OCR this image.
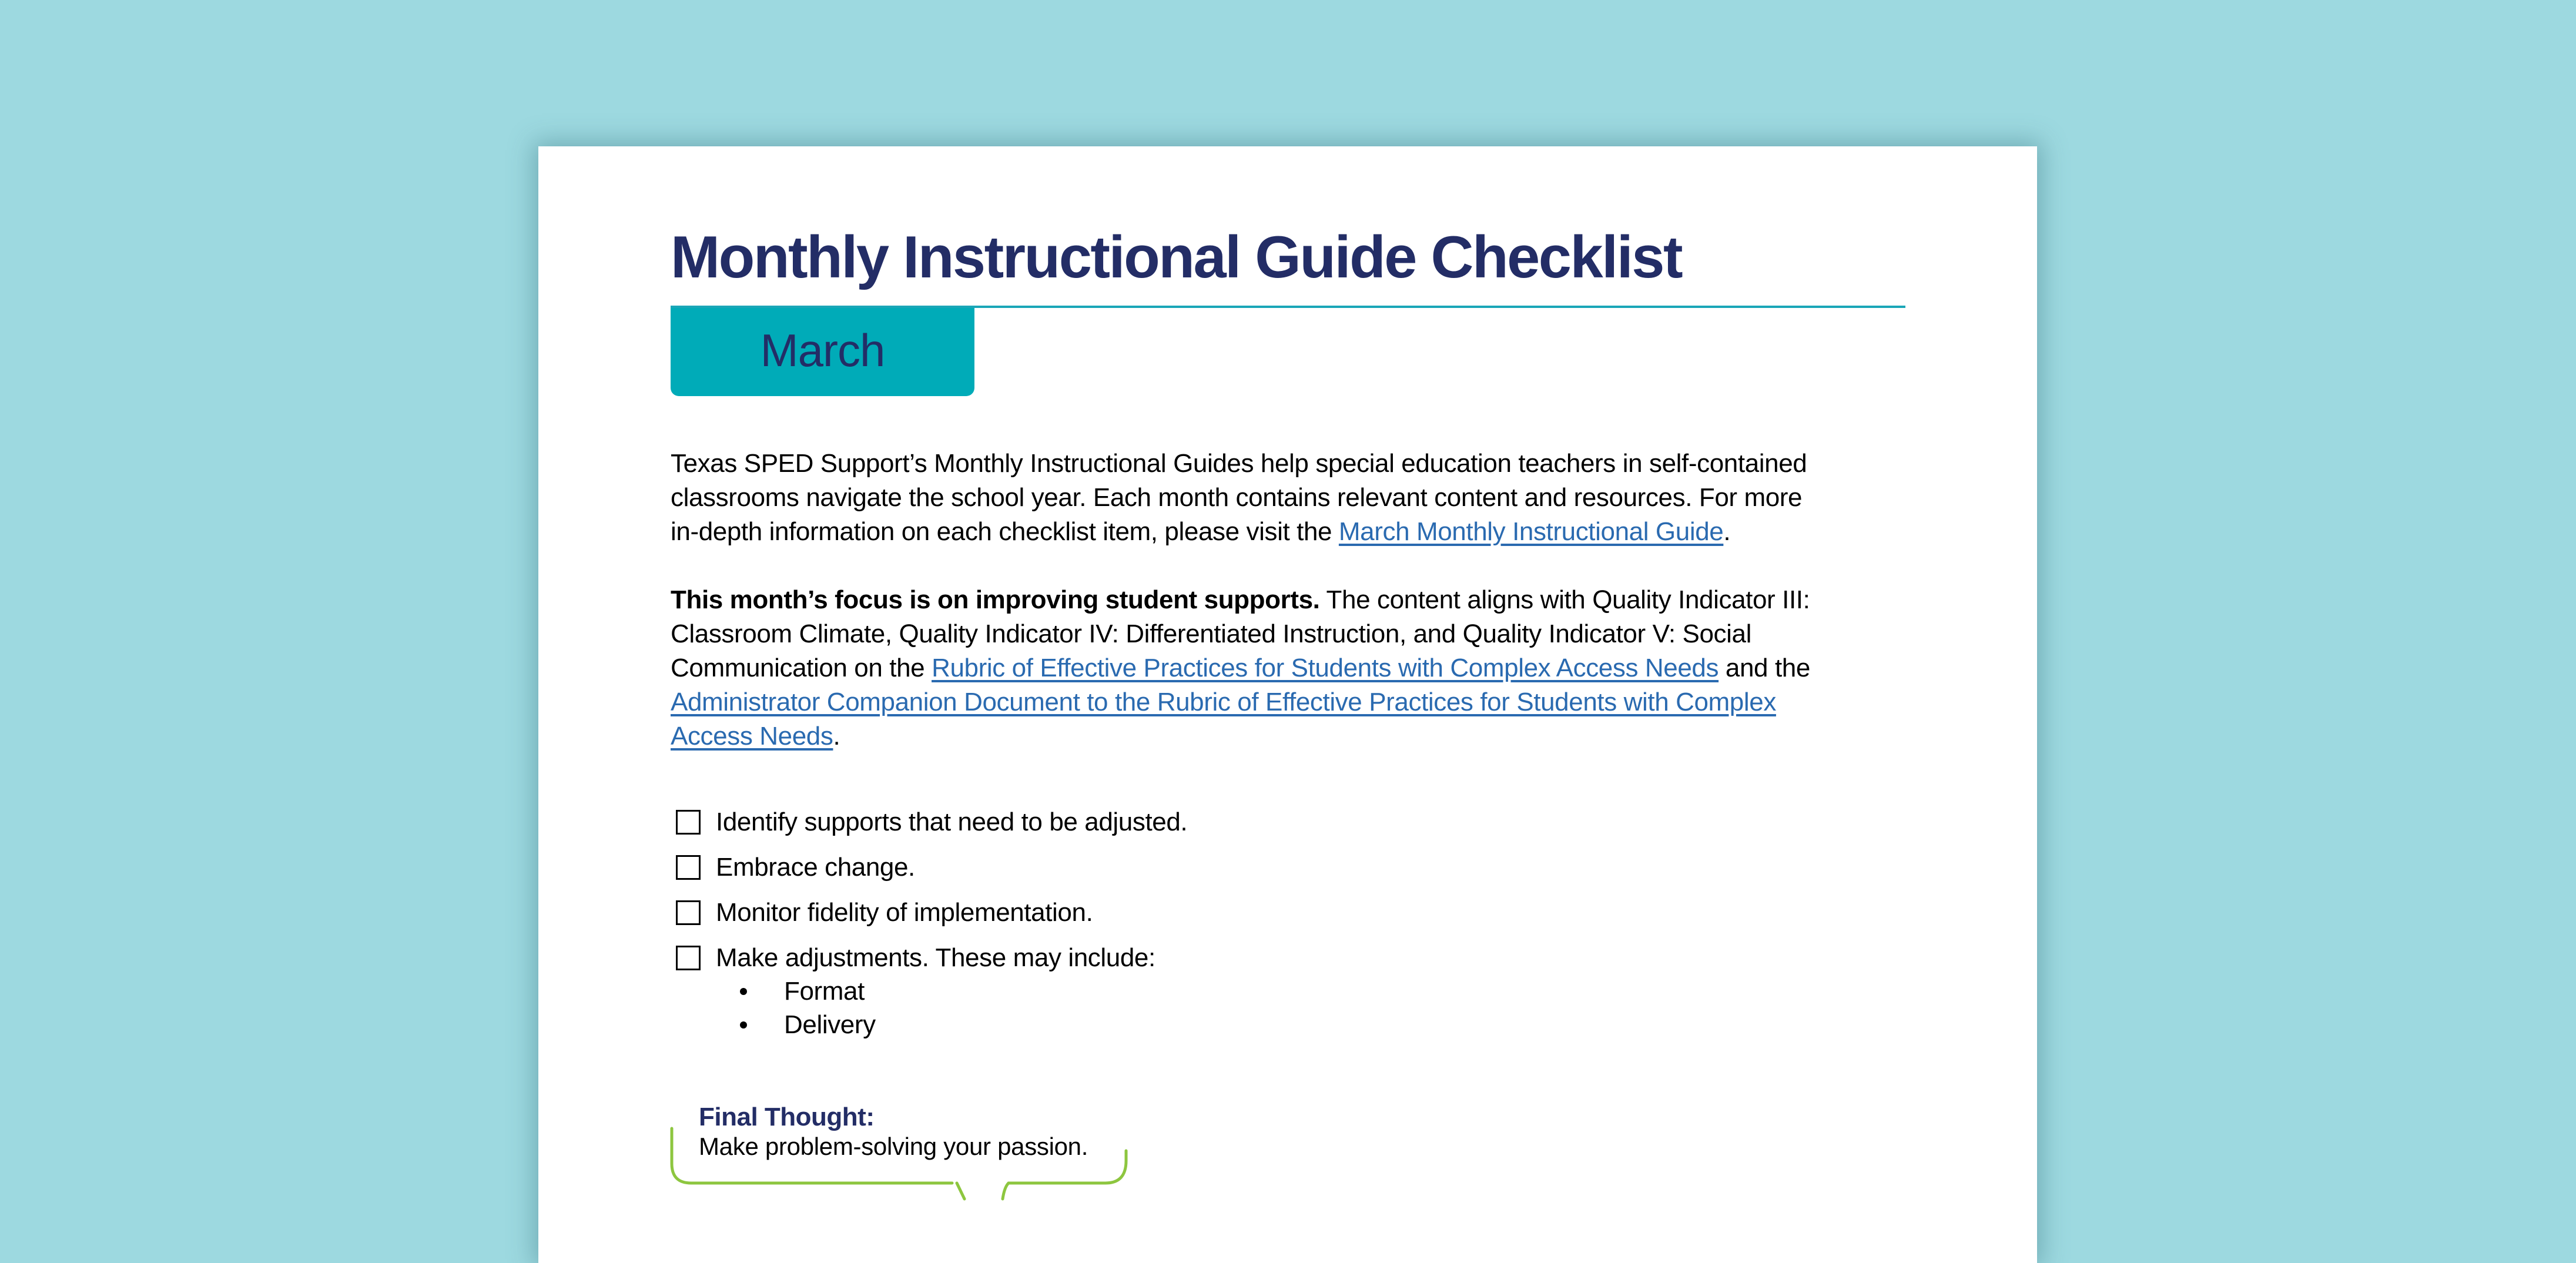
Monthly Instructional Guide Checklist
March
Texas SPED Support’s Monthly Instructional Guides help special education teachers in self-contained
classrooms navigate the school year. Each month contains relevant content and resources. For more
in-depth information on each checklist item, please visit the March Monthly Instructional Guide.
This month’s focus is on improving student supports. The content aligns with Quality Indicator III:
Classroom Climate, Quality Indicator IV: Differentiated Instruction, and Quality Indicator V: Social
Communication on the Rubric of Effective Practices for Students with Complex Access Needs and the
Administrator Companion Document to the Rubric of Effective Practices for Students with Complex
Access Needs.
Identify supports that need to be adjusted.
Embrace change.
Monitor fidelity of implementation.
Make adjustments. These may include:
Format
Delivery
Final Thought:
Make problem-solving your passion.
